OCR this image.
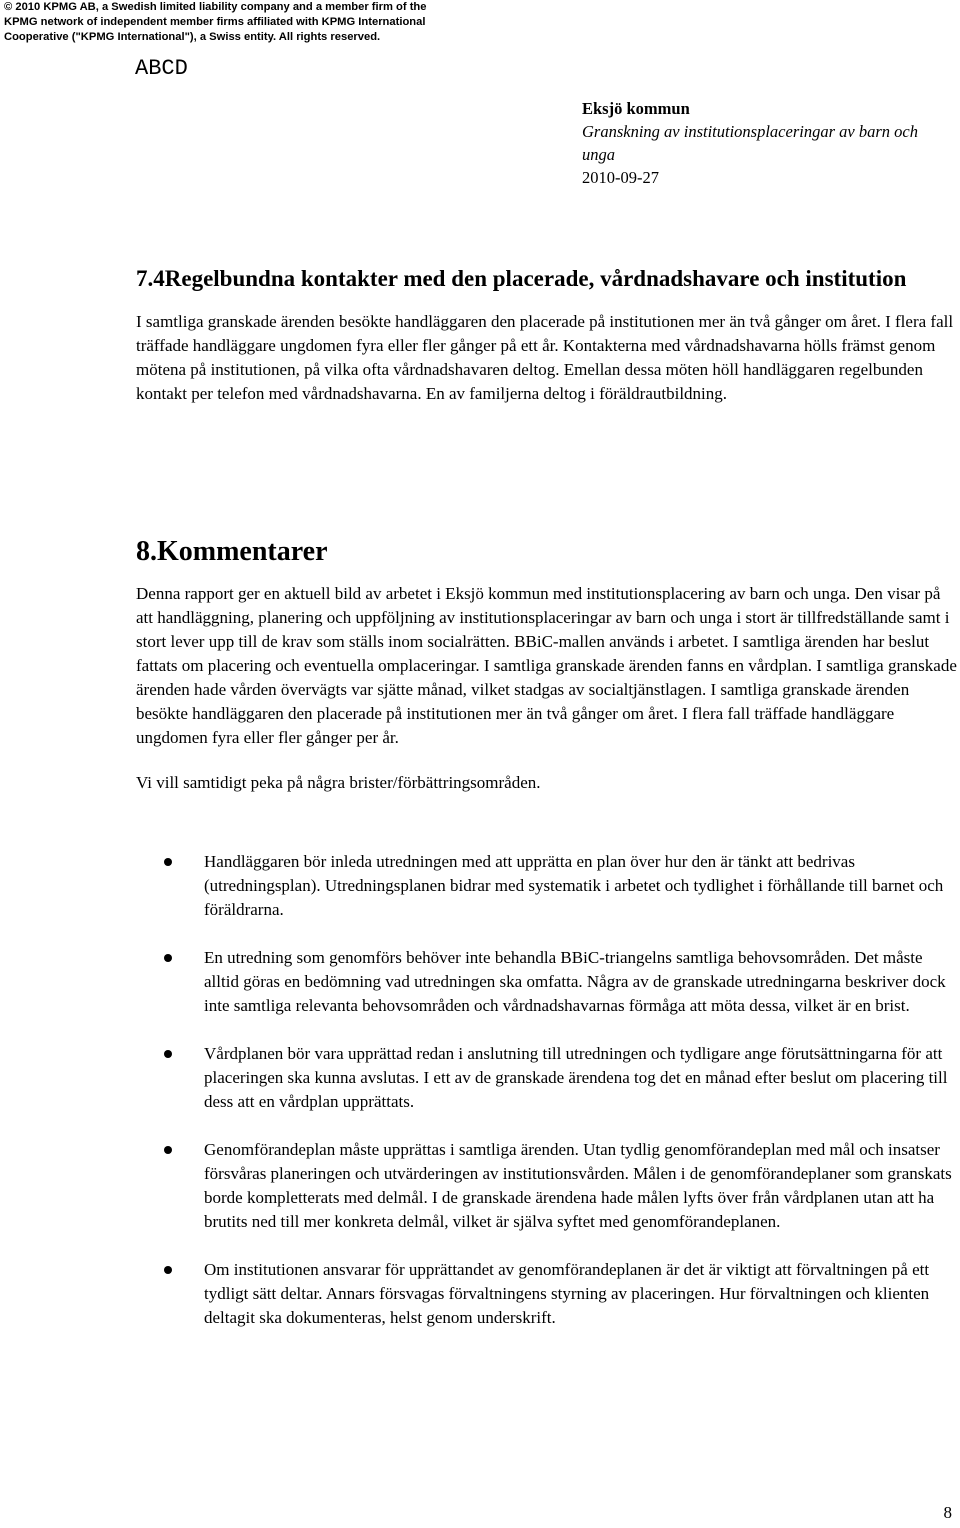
© 2010 KPMG AB, a Swedish limited liability company and a member firm of the
KPMG network of independent member firms affiliated with KPMG International
Cooperative ("KPMG International"), a Swiss entity. All rights reserved.
ABCD
Eksjö kommun
Granskning av institutionsplaceringar av barn och unga
2010-09-27
7.4Regelbundna kontakter med den placerade, vårdnadshavare och institution

I samtliga granskade ärenden besökte handläggaren den placerade på institutionen mer än två gånger om året. I flera fall träffade handläggare ungdomen fyra eller fler gånger på ett år. Kontakterna med vårdnadshavarna hölls främst genom mötena på institutionen, på vilka ofta vårdnadshavaren deltog. Emellan dessa möten höll handläggaren regelbunden kontakt per telefon med vårdnadshavarna. En av familjerna deltog i föräldrautbildning.

8.Kommentarer

Denna rapport ger en aktuell bild av arbetet i Eksjö kommun med institutionsplacering av barn och unga. Den visar på att handläggning, planering och uppföljning av institutionsplaceringar av barn och unga i stort är tillfredställande samt i stort lever upp till de krav som ställs inom socialrätten. BBiC-mallen används i arbetet. I samtliga ärenden har beslut fattats om placering och eventuella omplaceringar. I samtliga granskade ärenden fanns en vårdplan. I samtliga granskade ärenden hade vården övervägts var sjätte månad, vilket stadgas av socialtjänstlagen. I samtliga granskade ärenden besökte handläggaren den placerade på institutionen mer än två gånger om året. I flera fall träffade handläggare ungdomen fyra eller fler gånger per år.

Vi vill samtidigt peka på några brister/förbättringsområden.

Handläggaren bör inleda utredningen med att upprätta en plan över hur den är tänkt att bedrivas (utredningsplan). Utredningsplanen bidrar med systematik i arbetet och tydlighet i förhållande till barnet och föräldrarna.
En utredning som genomförs behöver inte behandla BBiC-triangelns samtliga behovsområden. Det måste alltid göras en bedömning vad utredningen ska omfatta. Några av de granskade utredningarna beskriver dock inte samtliga relevanta behovsområden och vårdnadshavarnas förmåga att möta dessa, vilket är en brist.
Vårdplanen bör vara upprättad redan i anslutning till utredningen och tydligare ange förutsättningarna för att placeringen ska kunna avslutas. I ett av de granskade ärendena tog det en månad efter beslut om placering till dess att en vårdplan upprättats.
Genomförandeplan måste upprättas i samtliga ärenden. Utan tydlig genomförandeplan med mål och insatser försvåras planeringen och utvärderingen av institutionsvården. Målen i de genomförandeplaner som granskats borde kompletterats med delmål. I de granskade ärendena hade målen lyfts över från vårdplanen utan att ha brutits ned till mer konkreta delmål, vilket är själva syftet med genomförandeplanen.
Om institutionen ansvarar för upprättandet av genomförandeplanen är det är viktigt att förvaltningen på ett tydligt sätt deltar. Annars försvagas förvaltningens styrning av placeringen. Hur förvaltningen och klienten deltagit ska dokumenteras, helst genom underskrift.
8
